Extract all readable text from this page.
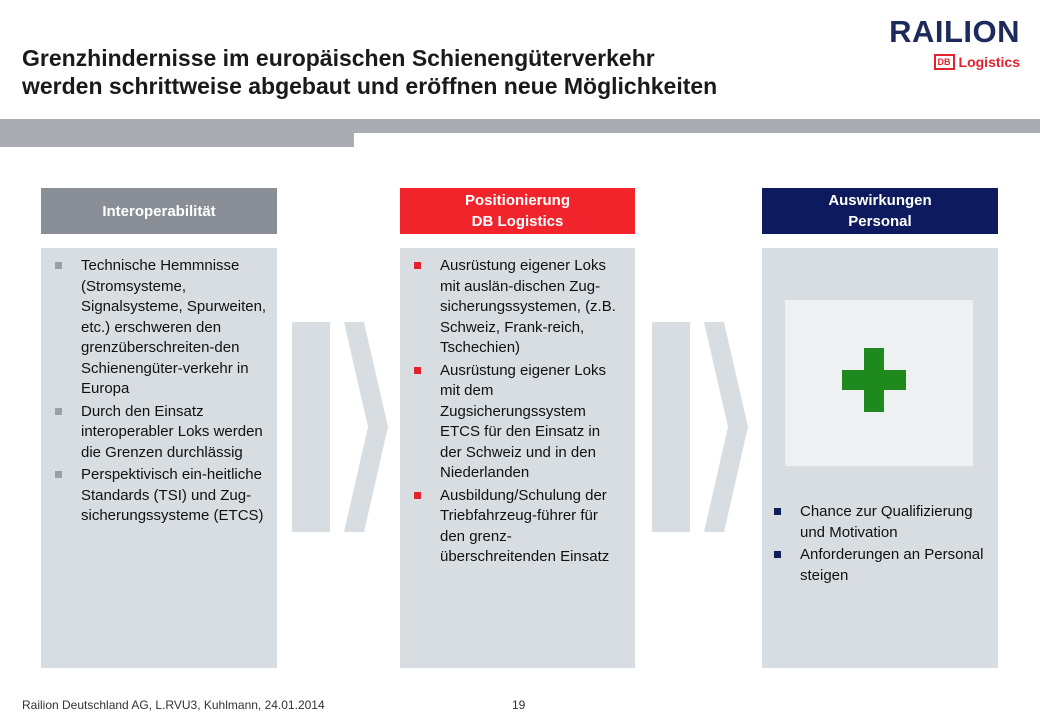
Grenzhindernisse im europäischen Schienengüterverkehr
werden schrittweise abgebaut und eröffnen neue Möglichkeiten
RAILION
DB Logistics
Interoperabilität
Technische Hemmnisse (Stromsysteme, Signalsysteme, Spurweiten, etc.) erschweren den grenzüberschreiten-den Schienengüter-verkehr in Europa
Durch den Einsatz interoperabler Loks werden die Grenzen durchlässig
Perspektivisch ein-heitliche Standards (TSI) und Zug-sicherungssysteme (ETCS)
Positionierung
DB Logistics
Ausrüstung eigener Loks mit auslän-dischen Zug-sicherungssystemen, (z.B. Schweiz, Frank-reich, Tschechien)
Ausrüstung eigener Loks mit dem Zugsicherungssystem ETCS für den Einsatz in der Schweiz und in den Niederlanden
Ausbildung/Schulung der Triebfahrzeug-führer für den grenz-überschreitenden Einsatz
Auswirkungen
Personal
Chance zur Qualifizierung und Motivation
Anforderungen an Personal steigen
Railion Deutschland AG, L.RVU3, Kuhlmann, 24.01.2014	19
